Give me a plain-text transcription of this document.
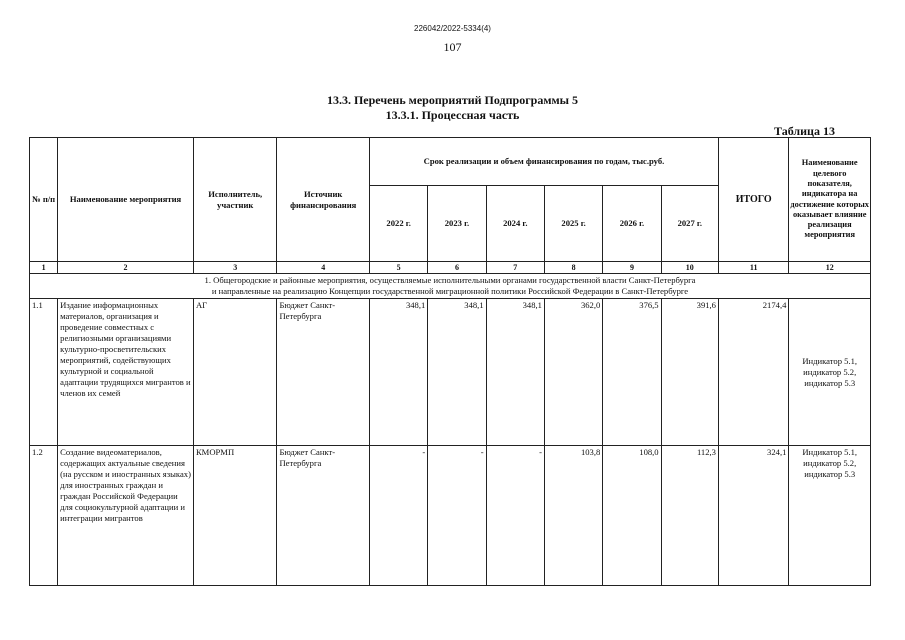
226042/2022-5334(4)
107
13.3. Перечень мероприятий Подпрограммы 5
13.3.1. Процессная часть
Таблица 13
№ п/п	Наименование мероприятия	Исполнитель, участник	Источник финансирования	Срок реализации и объем финансирования по годам, тыс.руб.						ИТОГО	Наименование целевого показателя, индикатора на достижение которых оказывает влияние реализация мероприятия
				2022 г.	2023 г.	2024 г.	2025 г.	2026 г.	2027 г.		
1	2	3	4	5	6	7	8	9	10	11	12

1. Общегородские и районные мероприятия, осуществляемые исполнительными органами государственной власти Санкт-Петербурга
и направленные на реализацию Концепции государственной миграционной политики Российской Федерации в Санкт-Петербурге											

1.1	Издание информационных материалов, организация и проведение совместных с религиозными организациями культурно-просветительских мероприятий, содействующих культурной и социальной адаптации трудящихся мигрантов и членов их семей	АГ	Бюджет Санкт-Петербурга	348,1	348,1	348,1	362,0	376,5	391,6	2174,4	Индикатор 5.1, индикатор 5.2, индикатор 5.3
1.2	Создание видеоматериалов, содержащих актуальные сведения (на русском и иностранных языках) для иностранных граждан и граждан Российской Федерации для социокультурной адаптации и интеграции мигрантов	КМОРМП	Бюджет Санкт-Петербурга	-	-	-	103,8	108,0	112,3	324,1	Индикатор 5.1, индикатор 5.2, индикатор 5.3
